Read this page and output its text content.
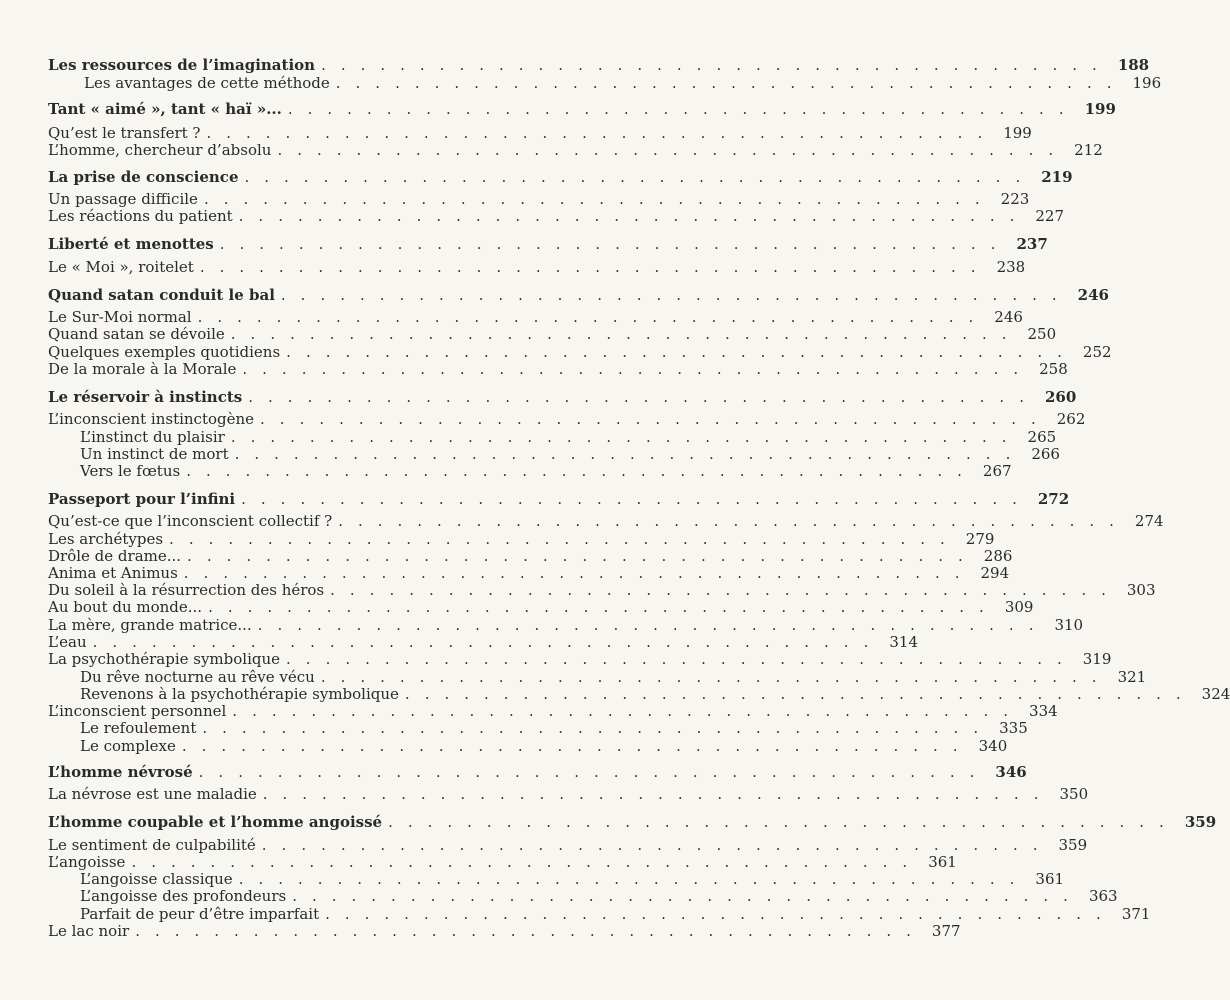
Les ressources de l’imagination ........................................ 188
Les avantages de cette méthode ........................................ 196
Tant « aimé », tant « haï »... ........................................ 199
Qu’est le transfert ? ........................................ 199
L’homme, chercheur d’absolu ........................................ 212
La prise de conscience ........................................ 219
Un passage difficile ........................................ 223
Les réactions du patient ........................................ 227
Liberté et menottes ........................................ 237
Le « Moi », roitelet ........................................ 238
Quand satan conduit le bal ........................................ 246
Le Sur-Moi normal ........................................ 246
Quand satan se dévoile ........................................ 250
Quelques exemples quotidiens ........................................ 252
De la morale à la Morale ........................................ 258
Le réservoir à instincts ........................................ 260
L’inconscient instinctogène ........................................ 262
L’instinct du plaisir ........................................ 265
Un instinct de mort ........................................ 266
Vers le fœtus ........................................ 267
Passeport pour l’infini ........................................ 272
Qu’est-ce que l’inconscient collectif ? ........................................ 274
Les archétypes ........................................ 279
Drôle de drame... ........................................ 286
Anima et Animus ........................................ 294
Du soleil à la résurrection des héros ........................................ 303
Au bout du monde... ........................................ 309
La mère, grande matrice... ........................................ 310
L’eau ........................................ 314
La psychothérapie symbolique ........................................ 319
Du rêve nocturne au rêve vécu ........................................ 321
Revenons à la psychothérapie symbolique ........................................ 324
L’inconscient personnel ........................................ 334
Le refoulement ........................................ 335
Le complexe ........................................ 340
L’homme névrosé ........................................ 346
La névrose est une maladie ........................................ 350
L’homme coupable et l’homme angoissé ........................................ 359
Le sentiment de culpabilité ........................................ 359
L’angoisse ........................................ 361
L’angoisse classique ........................................ 361
L’angoisse des profondeurs ........................................ 363
Parfait de peur d’être imparfait ........................................ 371
Le lac noir ........................................ 377
